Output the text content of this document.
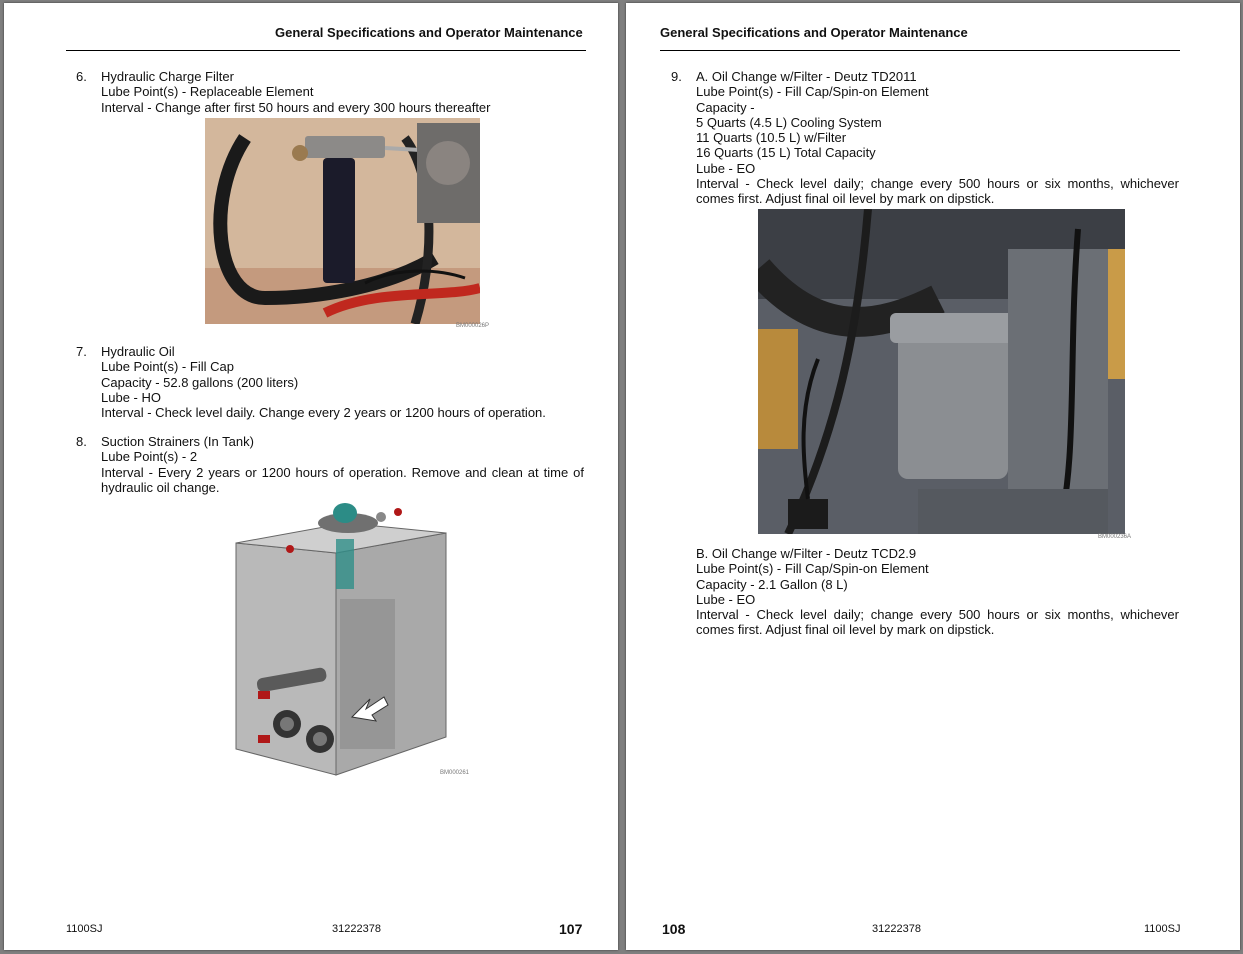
General Specifications and Operator Maintenance
6. Hydraulic Charge Filter
Lube Point(s) - Replaceable Element
Interval - Change after first 50 hours and every 300 hours thereafter
BM000026P
7. Hydraulic Oil
Lube Point(s) - Fill Cap
Capacity - 52.8 gallons (200 liters)
Lube - HO
Interval - Check level daily. Change every 2 years or 1200 hours of operation.
8. Suction Strainers (In Tank)
Lube Point(s) - 2
Interval - Every 2 years or 1200 hours of operation. Remove and clean at time of hydraulic oil change.
BM000261
1100SJ	31222378	107
General Specifications and Operator Maintenance
9. A. Oil Change w/Filter - Deutz TD2011
Lube Point(s) - Fill Cap/Spin-on Element
Capacity -
5 Quarts (4.5 L) Cooling System
11 Quarts (10.5 L) w/Filter
16 Quarts (15 L) Total Capacity
Lube - EO
Interval - Check level daily; change every 500 hours or six months, whichever comes first. Adjust final oil level by mark on dipstick.
BM000236A
B. Oil Change w/Filter - Deutz TCD2.9
Lube Point(s) - Fill Cap/Spin-on Element
Capacity - 2.1 Gallon (8 L)
Lube - EO
Interval - Check level daily; change every 500 hours or six months, whichever comes first. Adjust final oil level by mark on dipstick.
108	31222378	1100SJ
